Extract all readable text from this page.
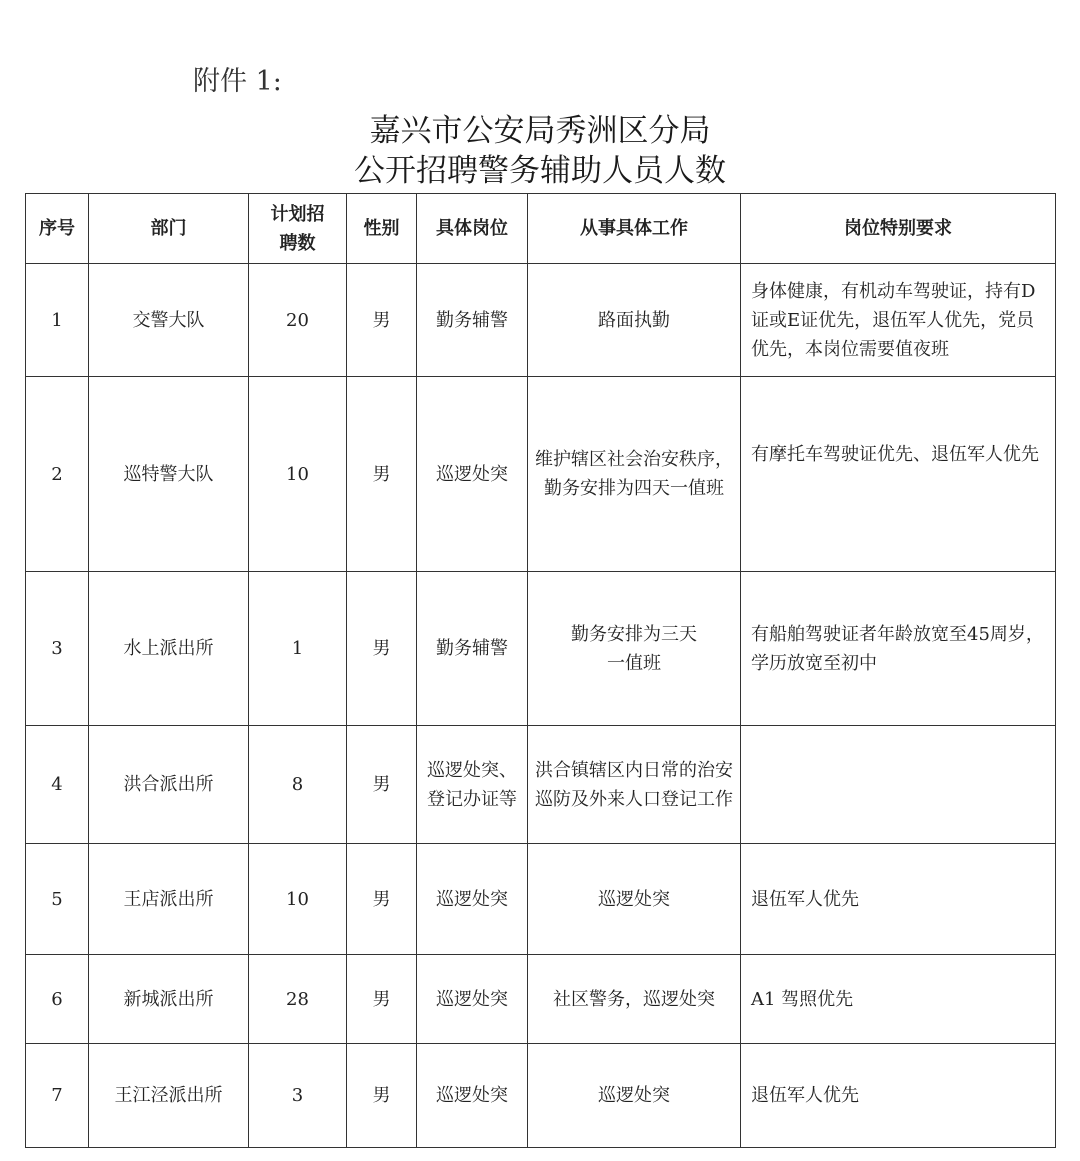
附件 1:
嘉兴市公安局秀洲区分局
公开招聘警务辅助人员人数
序号	部门	计划招聘数	性别	具体岗位	从事具体工作	岗位特别要求
1	交警大队	20	男	勤务辅警	路面执勤	身体健康，有机动车驾驶证，持有D证或E证优先，退伍军人优先，党员优先，本岗位需要值夜班
2	巡特警大队	10	男	巡逻处突	维护辖区社会治安秩序，勤务安排为四天一值班	有摩托车驾驶证优先、退伍军人优先
3	水上派出所	1	男	勤务辅警	勤务安排为三天一值班	有船舶驾驶证者年龄放宽至45周岁，学历放宽至初中
4	洪合派出所	8	男	巡逻处突、登记办证等	洪合镇辖区内日常的治安巡防及外来人口登记工作	
5	王店派出所	10	男	巡逻处突	巡逻处突	退伍军人优先
6	新城派出所	28	男	巡逻处突	社区警务，巡逻处突	A1 驾照优先
7	王江泾派出所	3	男	巡逻处突	巡逻处突	退伍军人优先
